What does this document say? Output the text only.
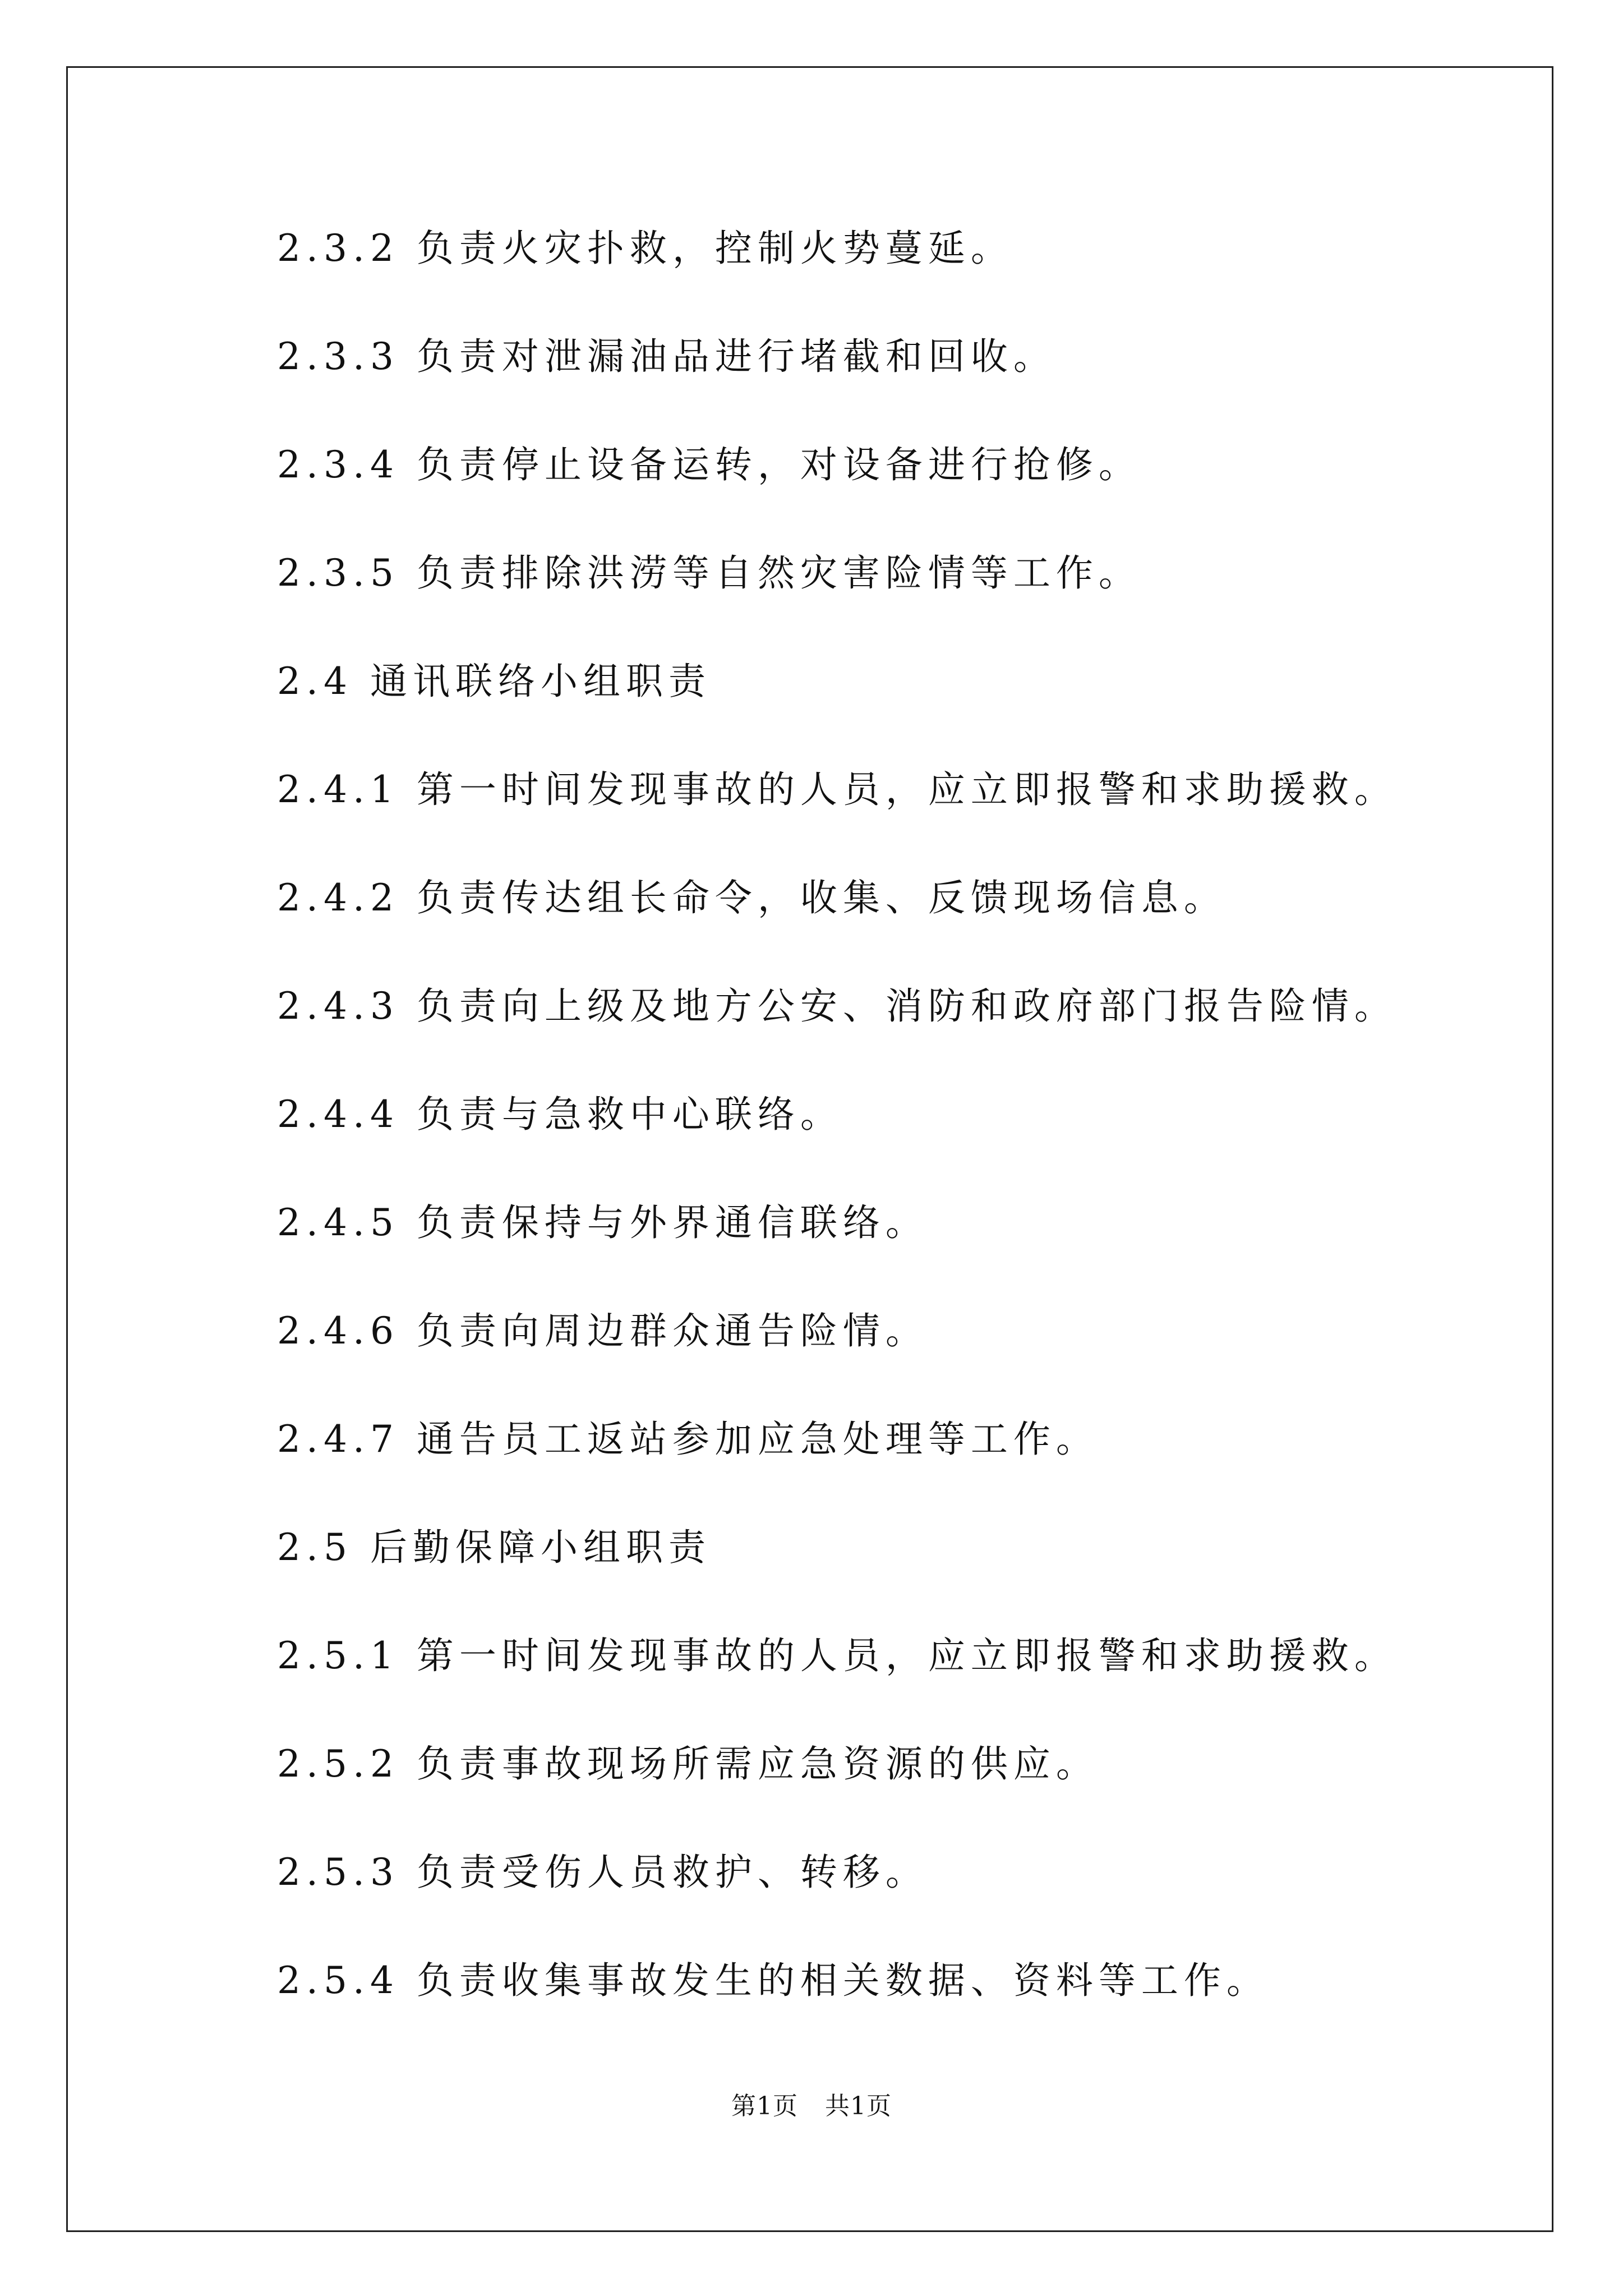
2.3.2 负责火灾扑救，控制火势蔓延。
2.3.3 负责对泄漏油品进行堵截和回收。
2.3.4 负责停止设备运转，对设备进行抢修。
2.3.5 负责排除洪涝等自然灾害险情等工作。
2.4 通讯联络小组职责
2.4.1 第一时间发现事故的人员，应立即报警和求助援救。
2.4.2 负责传达组长命令，收集、反馈现场信息。
2.4.3 负责向上级及地方公安、消防和政府部门报告险情。
2.4.4 负责与急救中心联络。
2.4.5 负责保持与外界通信联络。
2.4.6 负责向周边群众通告险情。
2.4.7 通告员工返站参加应急处理等工作。
2.5 后勤保障小组职责
2.5.1 第一时间发现事故的人员，应立即报警和求助援救。
2.5.2 负责事故现场所需应急资源的供应。
2.5.3 负责受伤人员救护、转移。
2.5.4 负责收集事故发生的相关数据、资料等工作。
第1页 共1页
